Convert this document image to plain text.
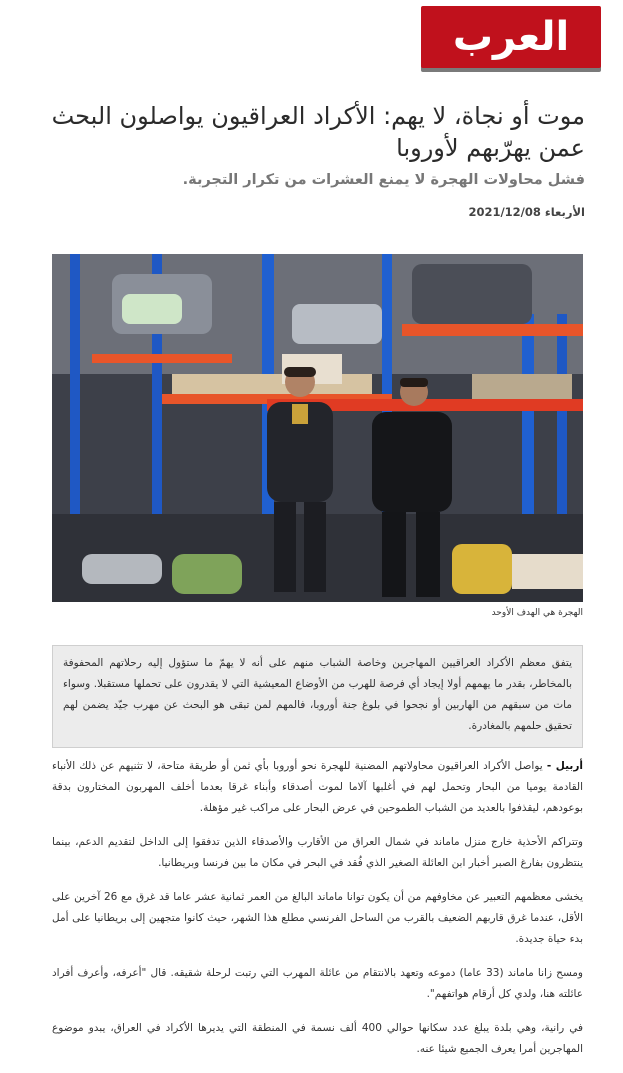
العرب
موت أو نجاة، لا يهم: الأكراد العراقيون يواصلون البحث عمن يهرّبهم لأوروبا
فشل محاولات الهجرة لا يمنع العشرات من تكرار التجربة.
الأربعاء 2021/12/08
الهجرة هي الهدف الأوحد

يتفق معظم الأكراد العراقيين المهاجرين وخاصة الشباب منهم على أنه لا يهمّ ما ستؤول إليه رحلاتهم المحفوفة بالمخاطر، بقدر ما يهمهم أولا إيجاد أي فرصة للهرب من الأوضاع المعيشية التي لا يقدرون على تحملها مستقبلا. وسواء مات من سبقهم من الهاربين أو نجحوا في بلوغ جنة أوروبا، فالمهم لمن تبقى هو البحث عن مهرب جيّد يضمن لهم تحقيق حلمهم بالمغادرة.

أربيل - يواصل الأكراد العراقيون محاولاتهم المضنية للهجرة نحو أوروبا بأي ثمن أو طريقة متاحة، لا تثنيهم عن ذلك الأنباء القادمة يوميا من البحار وتحمل لهم في أغلبها آلاما لموت أصدقاء وأبناء غرقا بعدما أخلف المهربون المختارون بدقة بوعودهم، ليقذفوا بالعديد من الشباب الطموحين في عرض البحار على مراكب غير مؤهلة.

وتتراكم الأحذية خارج منزل ماماند في شمال العراق من الأقارب والأصدقاء الذين تدفقوا إلى الداخل لتقديم الدعم، بينما ينتظرون بفارغ الصبر أخبار ابن العائلة الصغير الذي فُقد في البحر في مكان ما بين فرنسا وبريطانيا.

يخشى معظمهم التعبير عن مخاوفهم من أن يكون توانا ماماند البالغ من العمر ثمانية عشر عاما قد غرق مع 26 آخرين على الأقل، عندما غرق قاربهم الضعيف بالقرب من الساحل الفرنسي مطلع هذا الشهر، حيث كانوا متجهين إلى بريطانيا على أمل بدء حياة جديدة.

ومسح زانا ماماند (33 عاما) دموعه وتعهد بالانتقام من عائلة المهرب التي رتبت لرحلة شقيقه. قال "أعرفه، وأعرف أفراد عائلته هنا، ولدي كل أرقام هواتفهم".

في رانية، وهي بلدة يبلغ عدد سكانها حوالي 400 ألف نسمة في المنطقة التي يديرها الأكراد في العراق، يبدو موضوع المهاجرين أمرا يعرف الجميع شيئا عنه.
